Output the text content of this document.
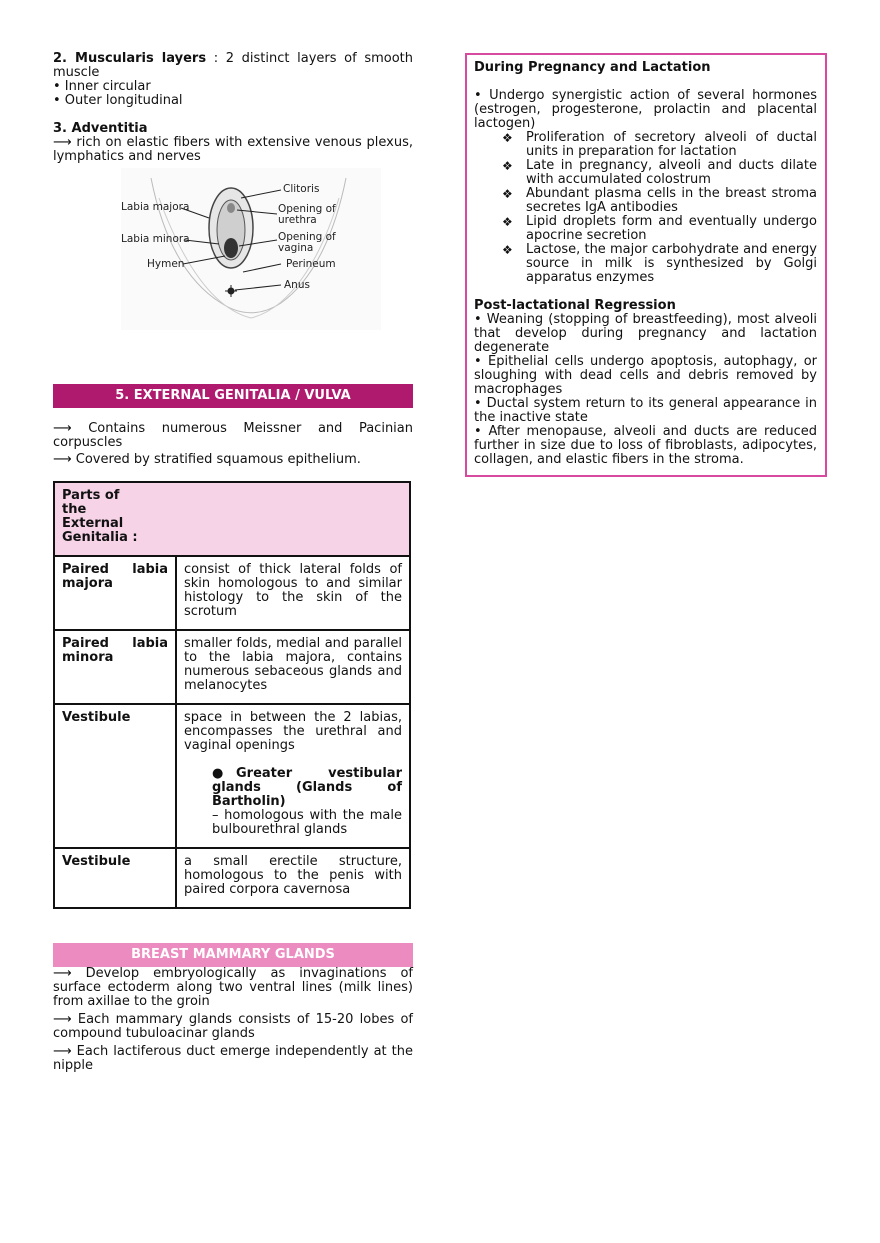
2. Muscularis layers : 2 distinct layers of smooth muscle

• Inner circular

• Outer longitudinal

3. Adventitia

⟶ rich on elastic fibers with extensive venous plexus, lymphatics and nerves

Clitoris
Labia majora	Opening of urethra
Labia minora	Opening of vagina
Hymen	Perineum
Anus
5. EXTERNAL GENITALIA / VULVA

⟶ Contains numerous Meissner and Pacinian corpuscles

⟶ Covered by stratified squamous epithelium.

Parts of the External Genitalia :	

Paired labia majora	consist of thick lateral folds of skin homologous to and similar histology to the skin of the scrotum
Paired labia minora	smaller folds, medial and parallel to the labia majora, contains numerous sebaceous glands and melanocytes
Vestibule	space in between the 2 labias, encompasses the urethral and vaginal openings
● Greater vestibular glands (Glands of Bartholin)
– homologous with the male bulbourethral glands

Vestibule	a small erectile structure, homologous to the penis with paired corpora cavernosa
BREAST MAMMARY GLANDS

⟶ Develop embryologically as invaginations of surface ectoderm along two ventral lines (milk lines) from axillae to the groin

⟶ Each mammary glands consists of 15-20 lobes of compound tubuloacinar glands

⟶ Each lactiferous duct emerge independently at the nipple

During Pregnancy and Lactation

• Undergo synergistic action of several hormones (estrogen, progesterone, prolactin and placental lactogen)

❖ Proliferation of secretory alveoli of ductal units in preparation for lactation
❖ Late in pregnancy, alveoli and ducts dilate with accumulated colostrum
❖ Abundant plasma cells in the breast stroma secretes IgA antibodies
❖ Lipid droplets form and eventually undergo apocrine secretion
❖ Lactose, the major carbohydrate and energy source in milk is synthesized by Golgi apparatus enzymes

Post-lactational Regression

• Weaning (stopping of breastfeeding), most alveoli that develop during pregnancy and lactation degenerate

• Epithelial cells undergo apoptosis, autophagy, or sloughing with dead cells and debris removed by macrophages

• Ductal system return to its general appearance in the inactive state

• After menopause, alveoli and ducts are reduced further in size due to loss of fibroblasts, adipocytes, collagen, and elastic fibers in the stroma.
